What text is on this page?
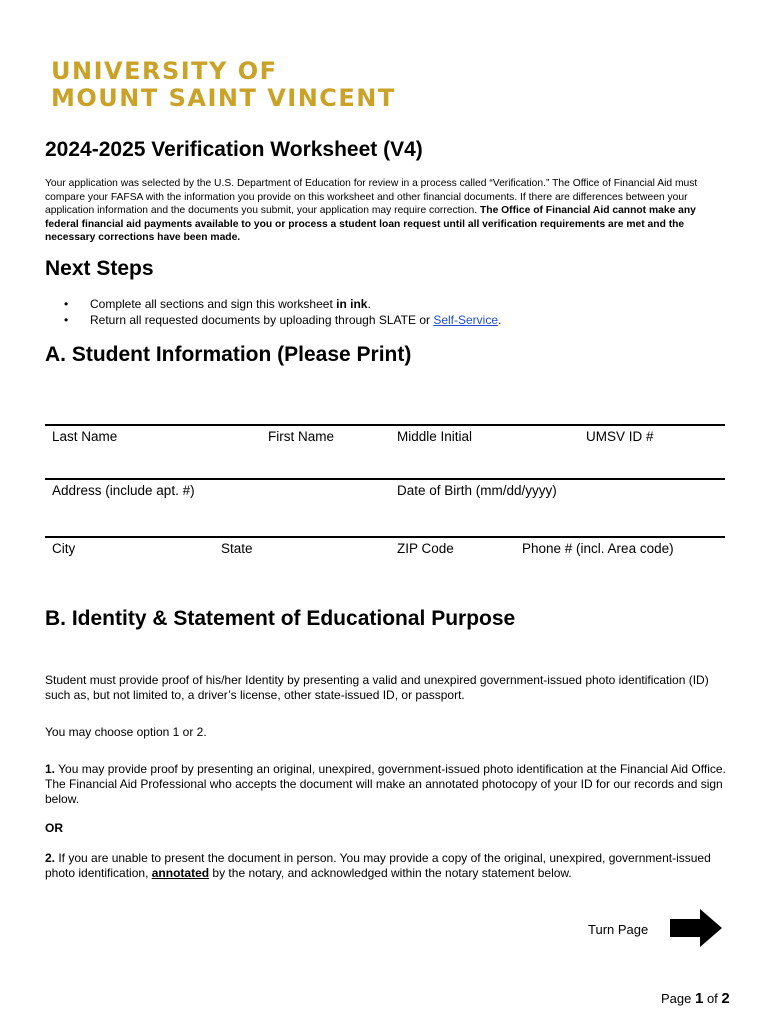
UNIVERSITY OF
MOUNT SAINT VINCENT
2024-2025 Verification Worksheet (V4)
Your application was selected by the U.S. Department of Education for review in a process called “Verification.” The Office of Financial Aid must compare your FAFSA with the information you provide on this worksheet and other financial documents. If there are differences between your application information and the documents you submit, your application may require correction. The Office of Financial Aid cannot make any federal financial aid payments available to you or process a student loan request until all verification requirements are met and the necessary corrections have been made.
Next Steps
• Complete all sections and sign this worksheet in ink.
• Return all requested documents by uploading through SLATE or Self-Service.
A. Student Information (Please Print)
Last Name	First Name	Middle Initial	UMSV ID #
Address (include apt. #)	Date of Birth (mm/dd/yyyy)
City	State	ZIP Code	Phone # (incl. Area code)
B. Identity & Statement of Educational Purpose
Student must provide proof of his/her Identity by presenting a valid and unexpired government-issued photo identification (ID) such as, but not limited to, a driver’s license, other state-issued ID, or passport.
You may choose option 1 or 2.
1. You may provide proof by presenting an original, unexpired, government-issued photo identification at the Financial Aid Office. The Financial Aid Professional who accepts the document will make an annotated photocopy of your ID for our records and sign below.
OR
2. If you are unable to present the document in person. You may provide a copy of the original, unexpired, government-issued photo identification, annotated by the notary, and acknowledged within the notary statement below.
Turn Page
Page 1 of 2
